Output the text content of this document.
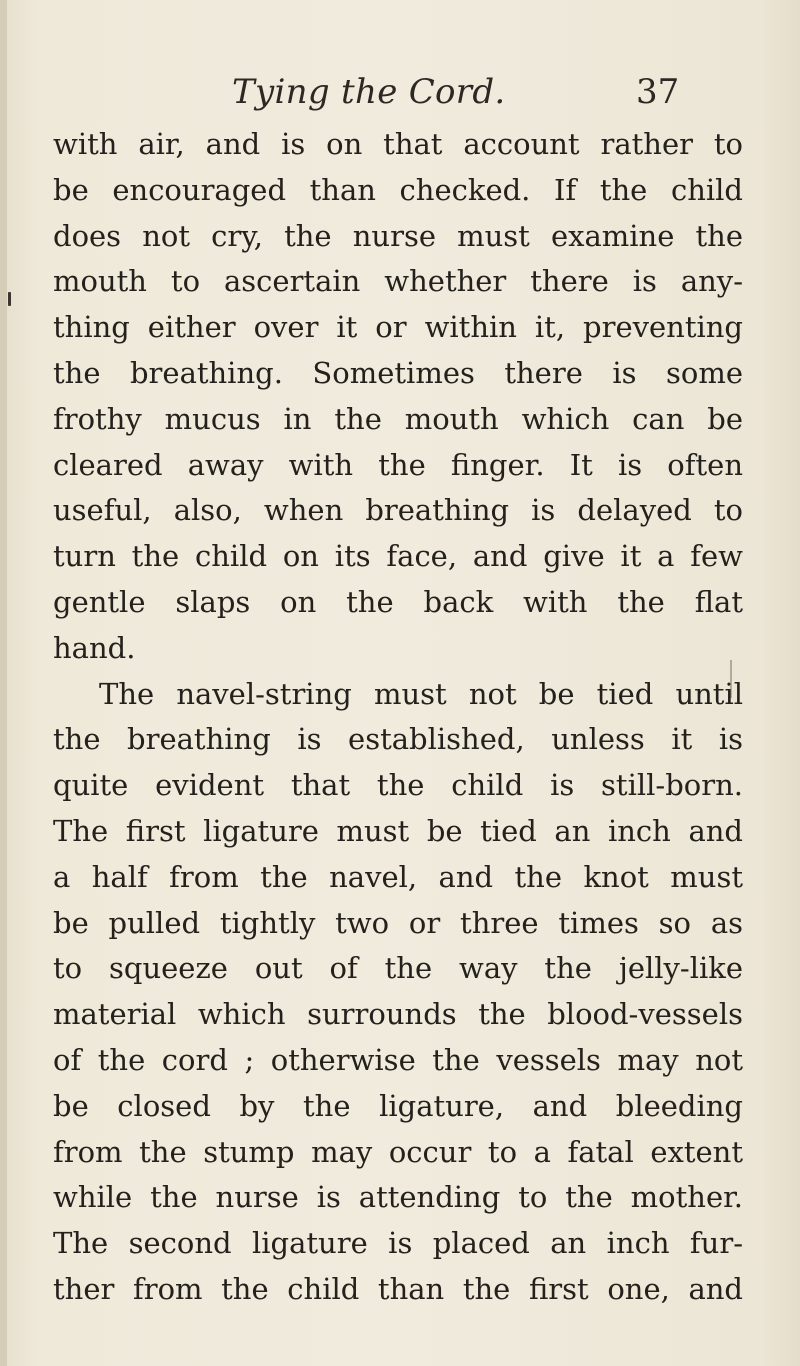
Tying the Cord.	37
with air, and is on that account rather to
be encouraged than checked. If the child
does not cry, the nurse must examine the
mouth to ascertain whether there is any-
thing either over it or within it, preventing
the breathing. Sometimes there is some
frothy mucus in the mouth which can be
cleared away with the finger. It is often
useful, also, when breathing is delayed to
turn the child on its face, and give it a few
gentle slaps on the back with the flat
hand.
The navel-string must not be tied until
the breathing is established, unless it is
quite evident that the child is still-born.
The first ligature must be tied an inch and
a half from the navel, and the knot must
be pulled tightly two or three times so as
to squeeze out of the way the jelly-like
material which surrounds the blood-vessels
of the cord ; otherwise the vessels may not
be closed by the ligature, and bleeding
from the stump may occur to a fatal extent
while the nurse is attending to the mother.
The second ligature is placed an inch fur-
ther from the child than the first one, and
